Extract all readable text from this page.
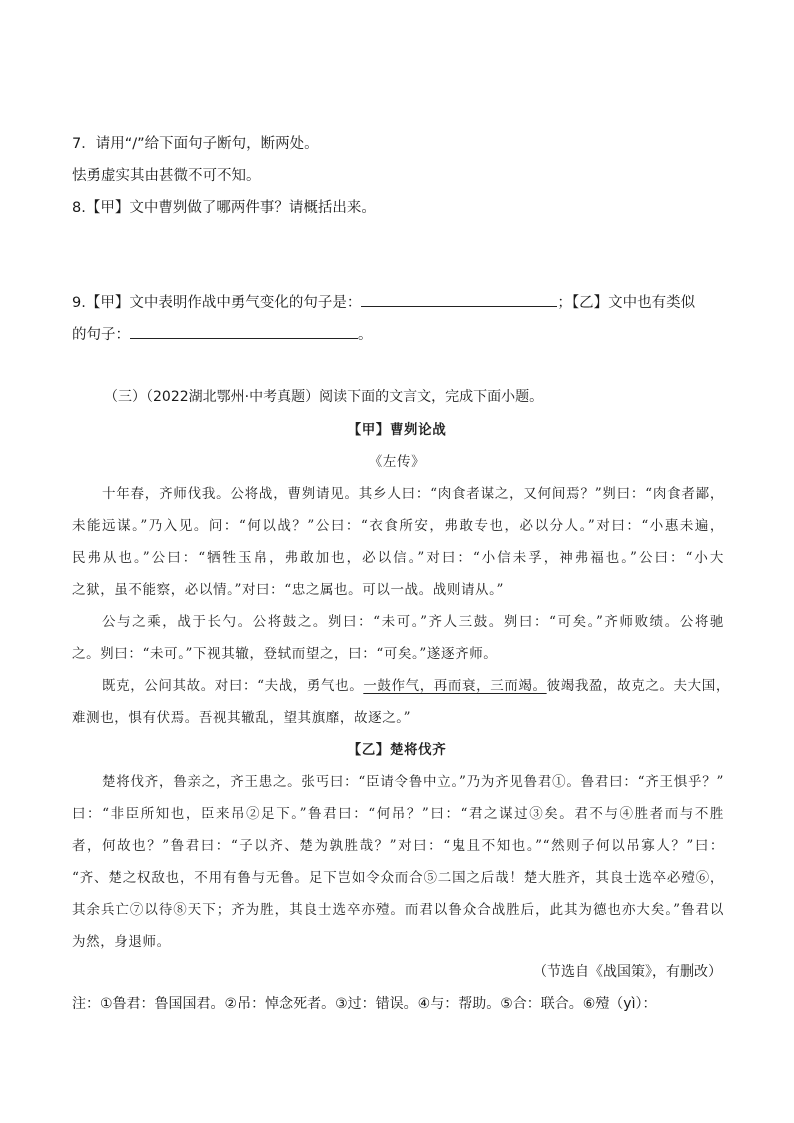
7．请用“/”给下面句子断句，断两处。
怯勇虚实其由甚微不可不知。
8.【甲】文中曹刿做了哪两件事？请概括出来。
9.【甲】文中表明作战中勇气变化的句子是：	；【乙】文中也有类似
的句子：	。
（三）（2022湖北鄂州·中考真题）阅读下面的文言文，完成下面小题。
【甲】曹刿论战
《左传》
十年春，齐师伐我。公将战，曹刿请见。其乡人曰：“肉食者谋之，又何间焉？”刿曰：“肉食者鄙，
未能远谋。”乃入见。问：“何以战？”公曰：“衣食所安，弗敢专也，必以分人。”对曰：“小惠未遍，
民弗从也。”公曰：“牺牲玉帛，弗敢加也，必以信。”对曰：“小信未孚，神弗福也。”公曰：“小大
之狱，虽不能察，必以情。”对曰：“忠之属也。可以一战。战则请从。”
公与之乘，战于长勺。公将鼓之。刿曰：“未可。”齐人三鼓。刿曰：“可矣。”齐师败绩。公将驰
之。刿曰：“未可。”下视其辙，登轼而望之，曰：“可矣。”遂逐齐师。
既克，公问其故。对曰：“夫战，勇气也。一鼓作气，再而衰，三而竭。彼竭我盈，故克之。夫大国，
难测也，惧有伏焉。吾视其辙乱，望其旗靡，故逐之。”
【乙】楚将伐齐
楚将伐齐，鲁亲之，齐王患之。张丐曰：“臣请令鲁中立。”乃为齐见鲁君①。鲁君曰：“齐王惧乎？”
曰：“非臣所知也，臣来吊②足下。”鲁君曰：“何吊？”曰：“君之谋过③矣。君不与④胜者而与不胜
者，何故也？”鲁君曰：“子以齐、楚为孰胜哉？”对曰：“鬼且不知也。”“然则子何以吊寡人？”曰：
“齐、楚之权敌也，不用有鲁与无鲁。足下岂如令众而合⑤二国之后哉！楚大胜齐，其良士选卒必殪⑥，
其余兵亡⑦以待⑧天下；齐为胜，其良士选卒亦殪。而君以鲁众合战胜后，此其为德也亦大矣。”鲁君以
为然，身退师。
（节选自《战国策》，有删改）
注：①鲁君：鲁国国君。②吊：悼念死者。③过：错误。④与：帮助。⑤合：联合。⑥殪（yì）：
